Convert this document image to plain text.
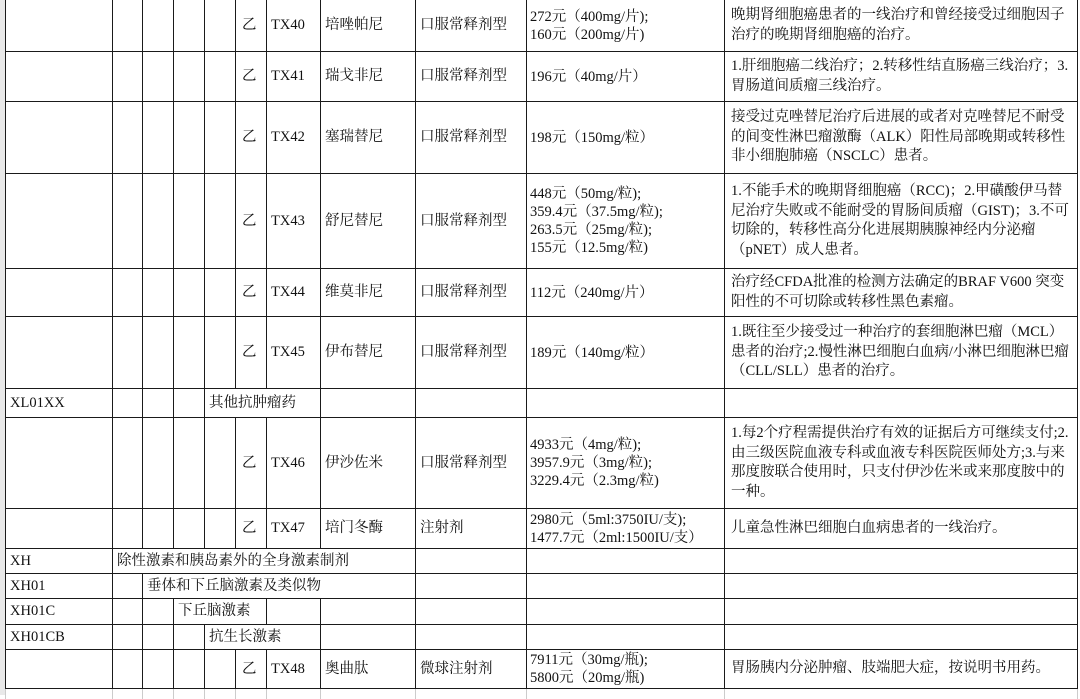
					乙	TX40	培唑帕尼	口服常释剂型	272元（400mg/片);
160元（200mg/片)	晚期肾细胞癌患者的一线治疗和曾经接受过细胞因子治疗的晚期肾细胞癌的治疗。
					乙	TX41	瑞戈非尼	口服常释剂型	196元（40mg/片）	1.肝细胞癌二线治疗；2.转移性结直肠癌三线治疗；3.胃肠道间质瘤三线治疗。
					乙	TX42	塞瑞替尼	口服常释剂型	198元（150mg/粒）	接受过克唑替尼治疗后进展的或者对克唑替尼不耐受的间变性淋巴瘤激酶（ALK）阳性局部晚期或转移性非小细胞肺癌（NSCLC）患者。
					乙	TX43	舒尼替尼	口服常释剂型	448元（50mg/粒);
359.4元（37.5mg/粒);
263.5元（25mg/粒);
155元（12.5mg/粒)	1.不能手术的晚期肾细胞癌（RCC)；2.甲磺酸伊马替尼治疗失败或不能耐受的胃肠间质瘤（GIST)；3.不可切除的，转移性高分化进展期胰腺神经内分泌瘤（pNET）成人患者。
					乙	TX44	维莫非尼	口服常释剂型	112元（240mg/片）	治疗经CFDA批准的检测方法确定的BRAF V600 突变阳性的不可切除或转移性黑色素瘤。
					乙	TX45	伊布替尼	口服常释剂型	189元（140mg/粒）	1.既往至少接受过一种治疗的套细胞淋巴瘤（MCL）患者的治疗;2.慢性淋巴细胞白血病/小淋巴细胞淋巴瘤（CLL/SLL）患者的治疗。
XL01XX				其他抗肿瘤药						
					乙	TX46	伊沙佐米	口服常释剂型	4933元（4mg/粒);
3957.9元（3mg/粒);
3229.4元（2.3mg/粒)	1.每2个疗程需提供治疗有效的证据后方可继续支付;2.由三级医院血液专科或血液专科医院医师处方;3.与来那度胺联合使用时，只支付伊沙佐米或来那度胺中的一种。
					乙	TX47	培门冬酶	注射剂	2980元（5ml:3750IU/支);
1477.7元（2ml:1500IU/支）	儿童急性淋巴细胞白血病患者的一线治疗。
XH	除性激素和胰岛素外的全身激素制剂									
XH01		垂体和下丘脑激素及类似物								
XH01C			下丘脑激素							
XH01CB				抗生长激素						
					乙	TX48	奥曲肽	微球注射剂	7911元（30mg/瓶);
5800元（20mg/瓶)	胃肠胰内分泌肿瘤、肢端肥大症，按说明书用药。
